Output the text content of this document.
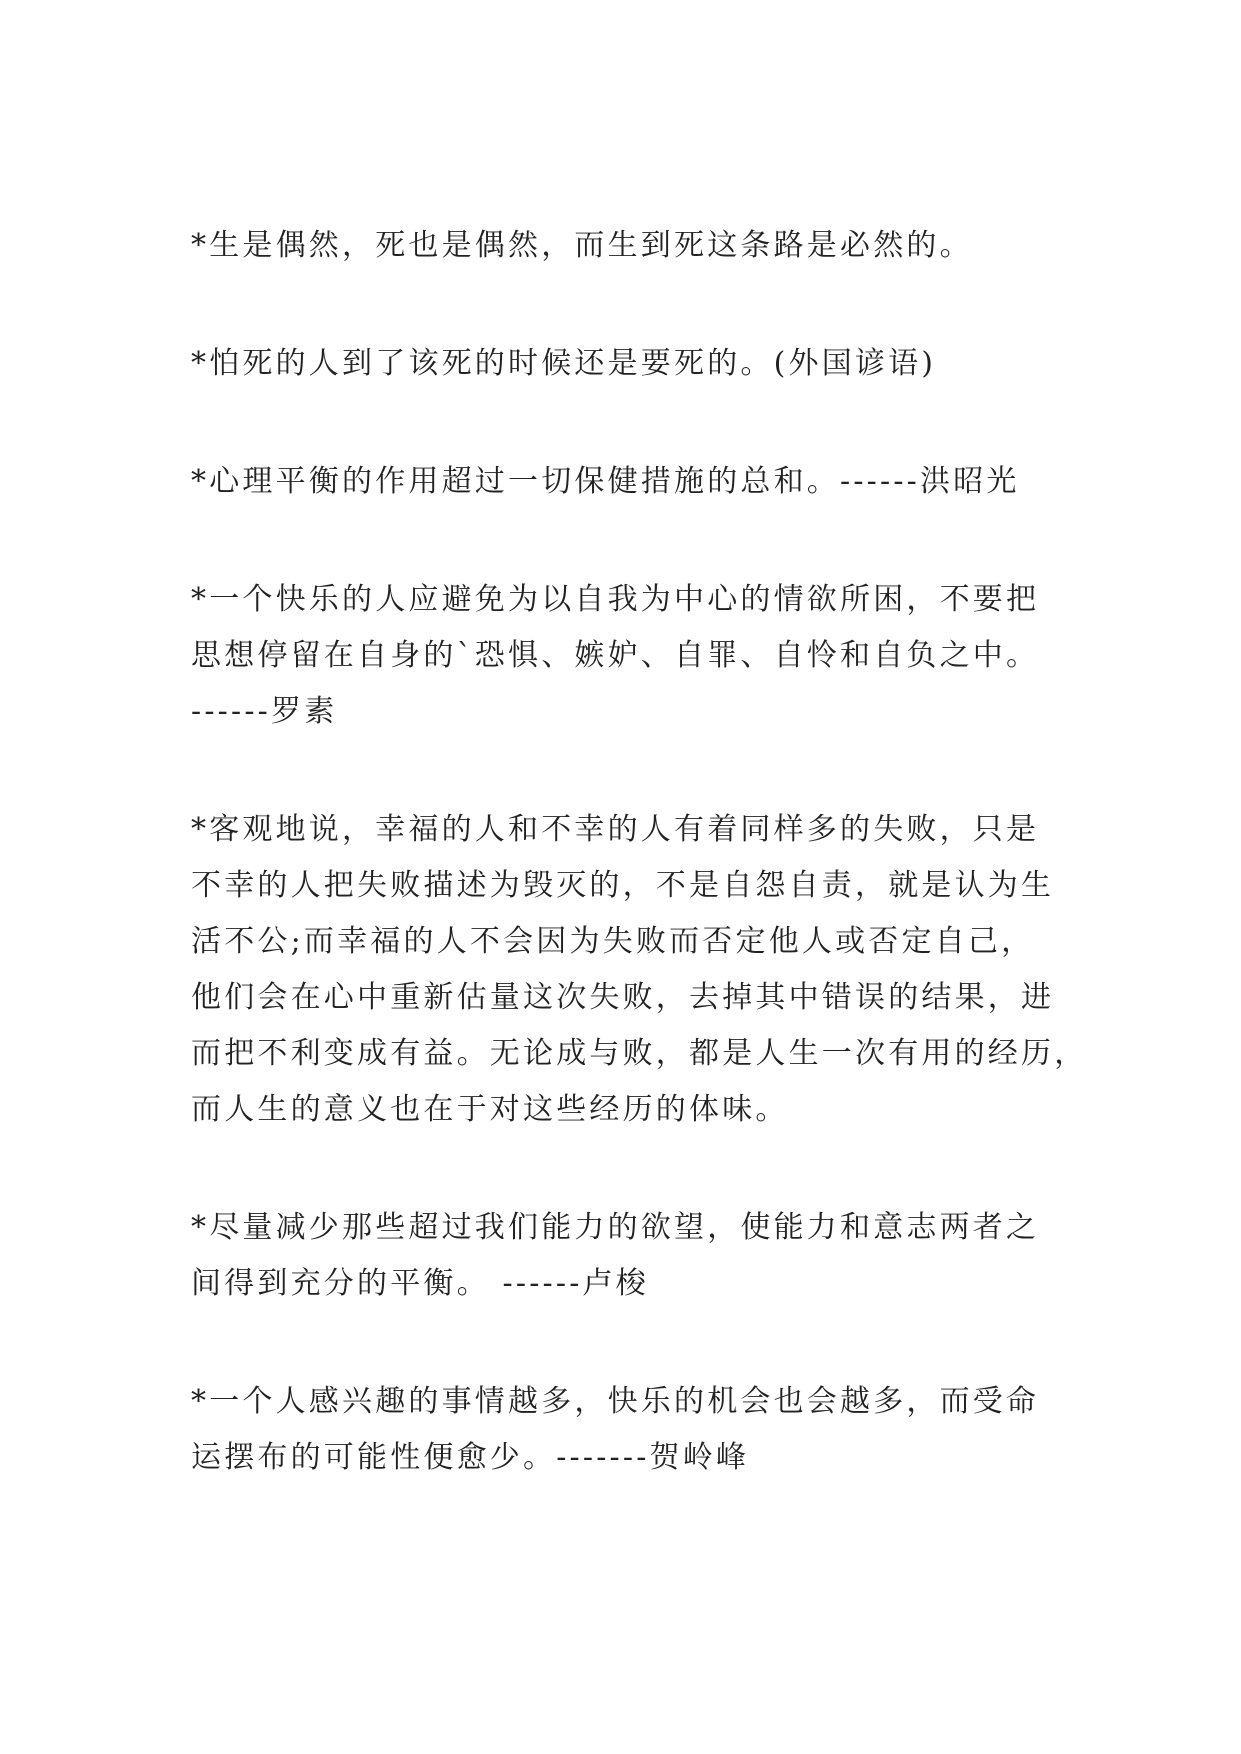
*生是偶然，死也是偶然，而生到死这条路是必然的。

*怕死的人到了该死的时候还是要死的。(外国谚语)

*心理平衡的作用超过一切保健措施的总和。------洪昭光

*一个快乐的人应避免为以自我为中心的情欲所困，不要把
思想停留在自身的`恐惧、嫉妒、自罪、自怜和自负之中。
------罗素

*客观地说，幸福的人和不幸的人有着同样多的失败，只是
不幸的人把失败描述为毁灭的，不是自怨自责，就是认为生
活不公;而幸福的人不会因为失败而否定他人或否定自己，
他们会在心中重新估量这次失败，去掉其中错误的结果，进
而把不利变成有益。无论成与败，都是人生一次有用的经历，
而人生的意义也在于对这些经历的体味。

*尽量减少那些超过我们能力的欲望，使能力和意志两者之
间得到充分的平衡。 ------卢梭

*一个人感兴趣的事情越多，快乐的机会也会越多，而受命
运摆布的可能性便愈少。-------贺岭峰
